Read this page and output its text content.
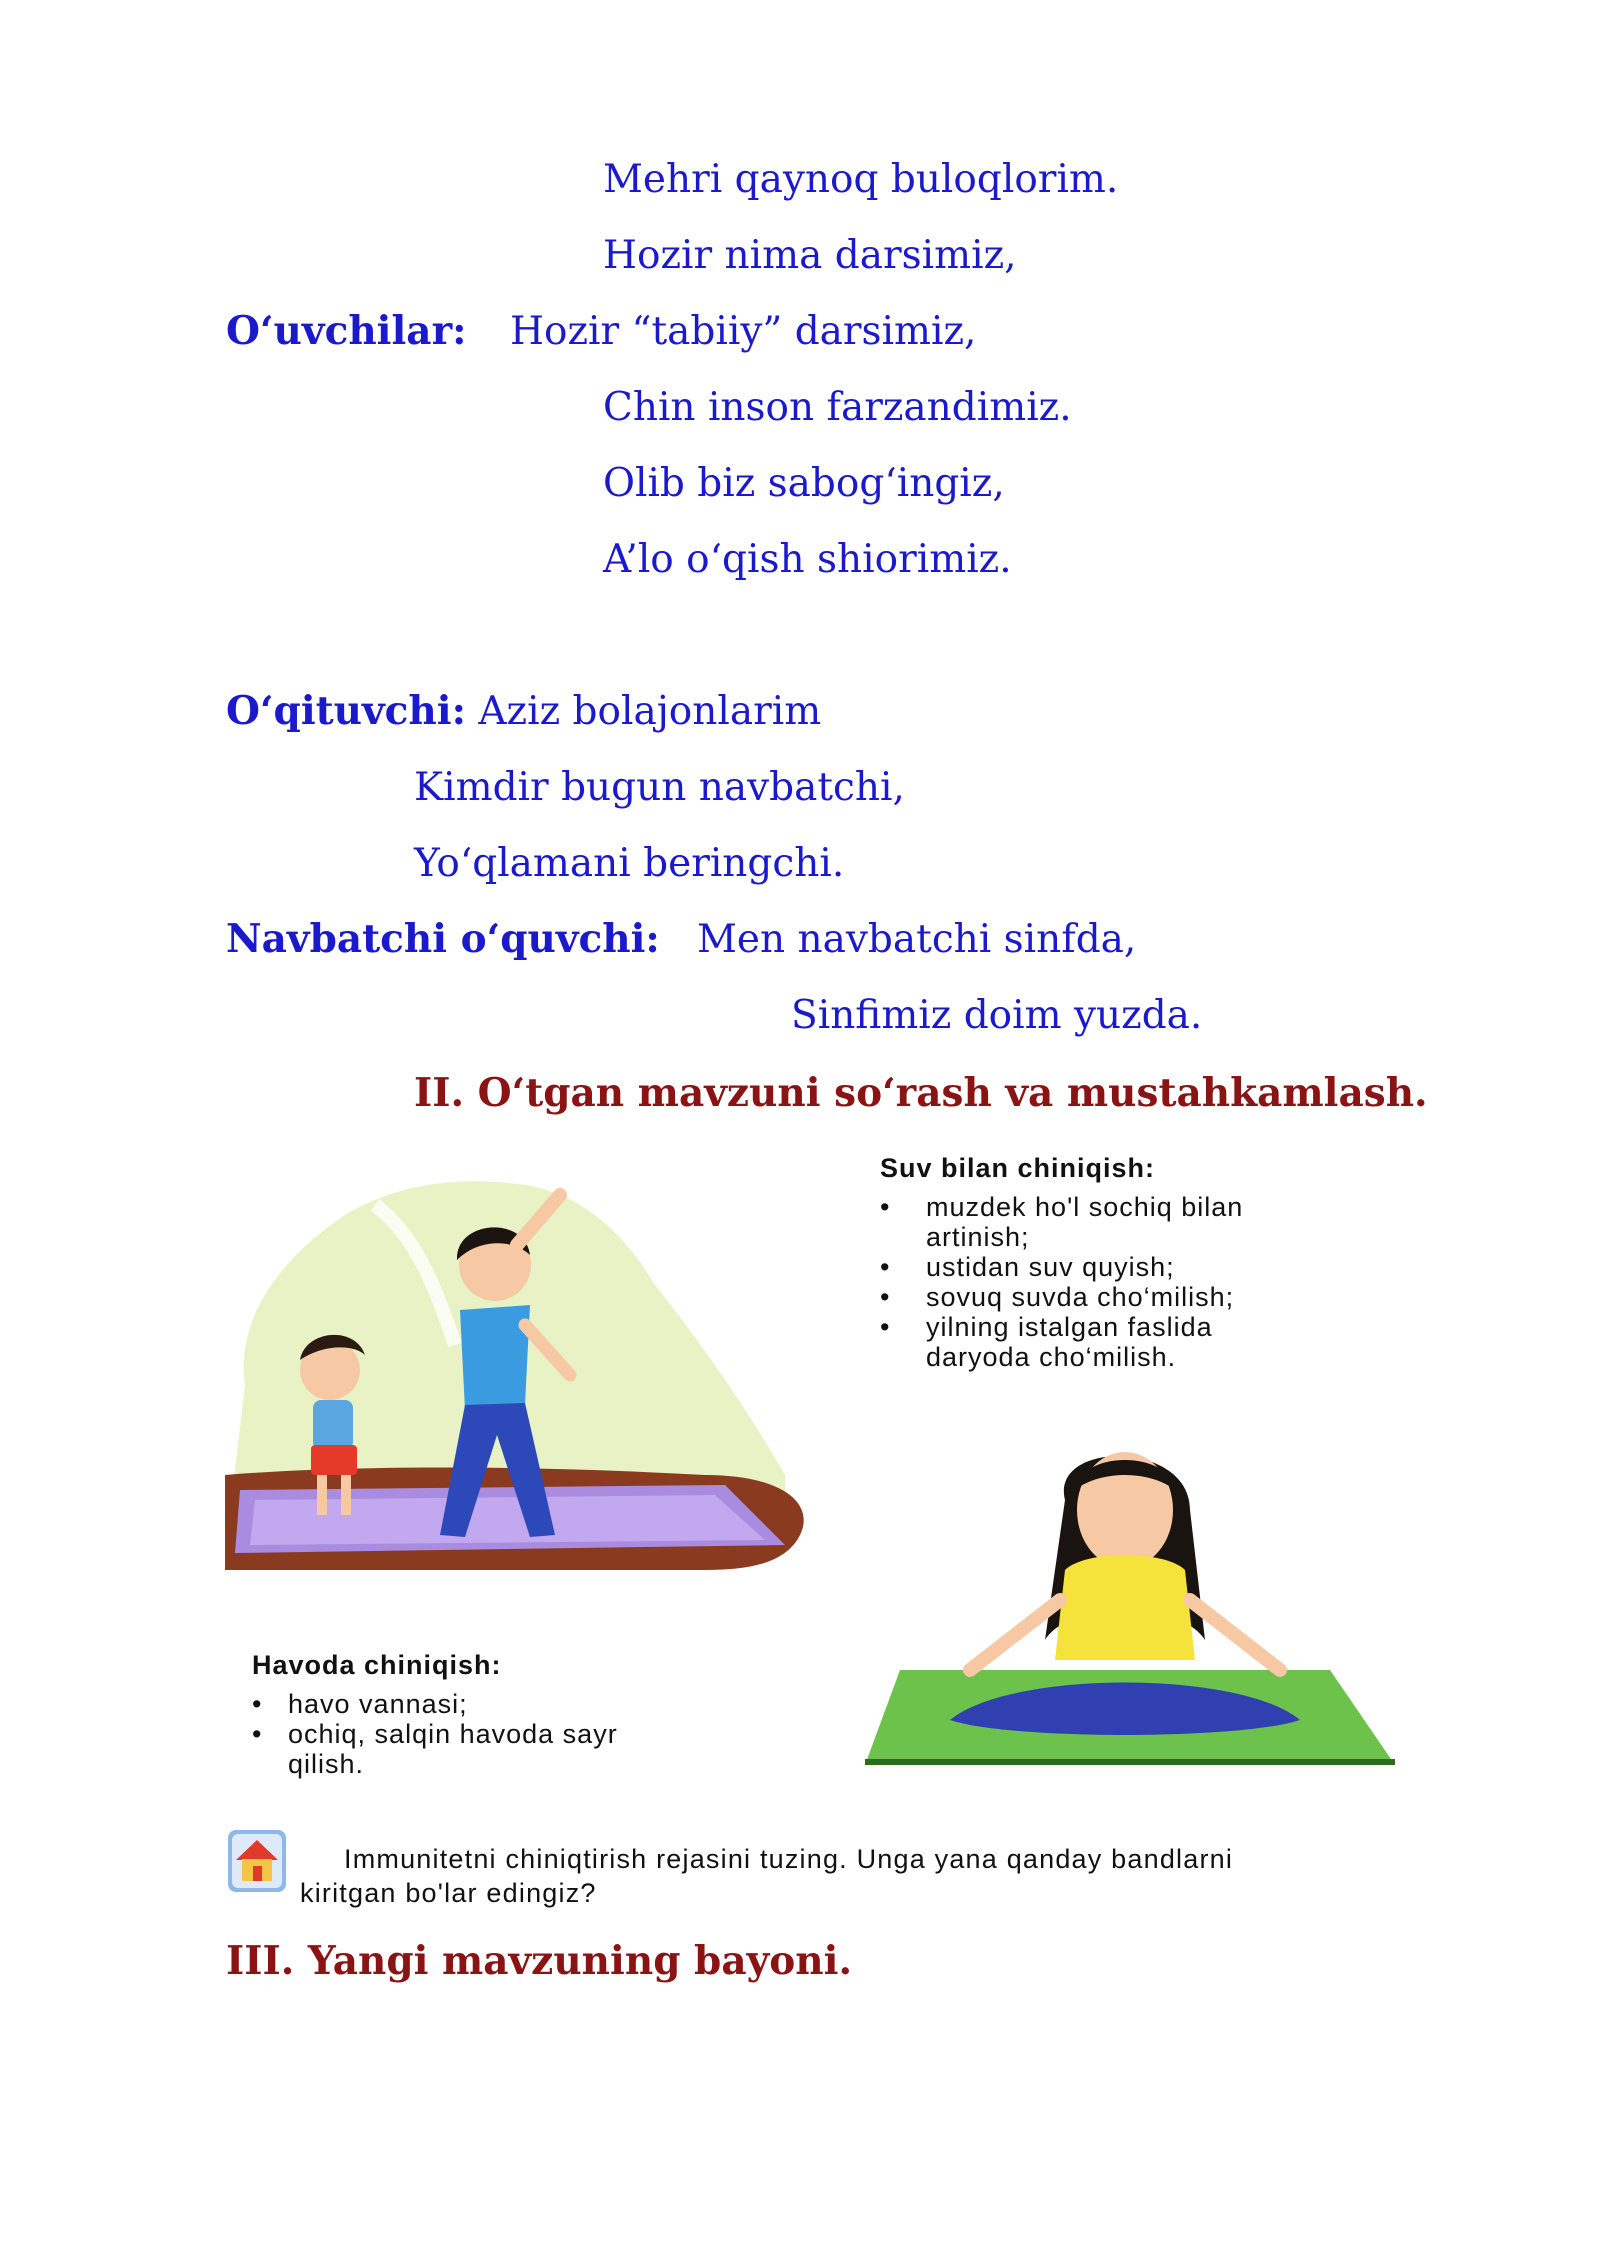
Mehri qaynoq buloqlorim.
Hozir nima darsimiz,
O‘uvchilar: Hozir “tabiiy” darsimiz,
Chin inson farzandimiz.
Olib biz sabog‘ingiz,
A’lo o‘qish shiorimiz.
O‘qituvchi: Aziz bolajonlarim
Kimdir bugun navbatchi,
Yo‘qlamani beringchi.
Navbatchi o‘quvchi: Men navbatchi sinfda,
Sinfimiz doim yuzda.
II. O‘tgan mavzuni so‘rash va mustahkamlash.
Suv bilan chiniqish:
• muzdek ho'l sochiq bilan artinish;
• ustidan suv quyish;
• sovuq suvda cho‘milish;
• yilning istalgan faslida daryoda cho‘milish.
Havoda chiniqish:
• havo vannasi;
• ochiq, salqin havoda sayr qilish.
Immunitetni chiniqtirish rejasini tuzing. Unga yana qanday bandlarni kiritgan bo'lar edingiz?
III. Yangi mavzuning bayoni.
